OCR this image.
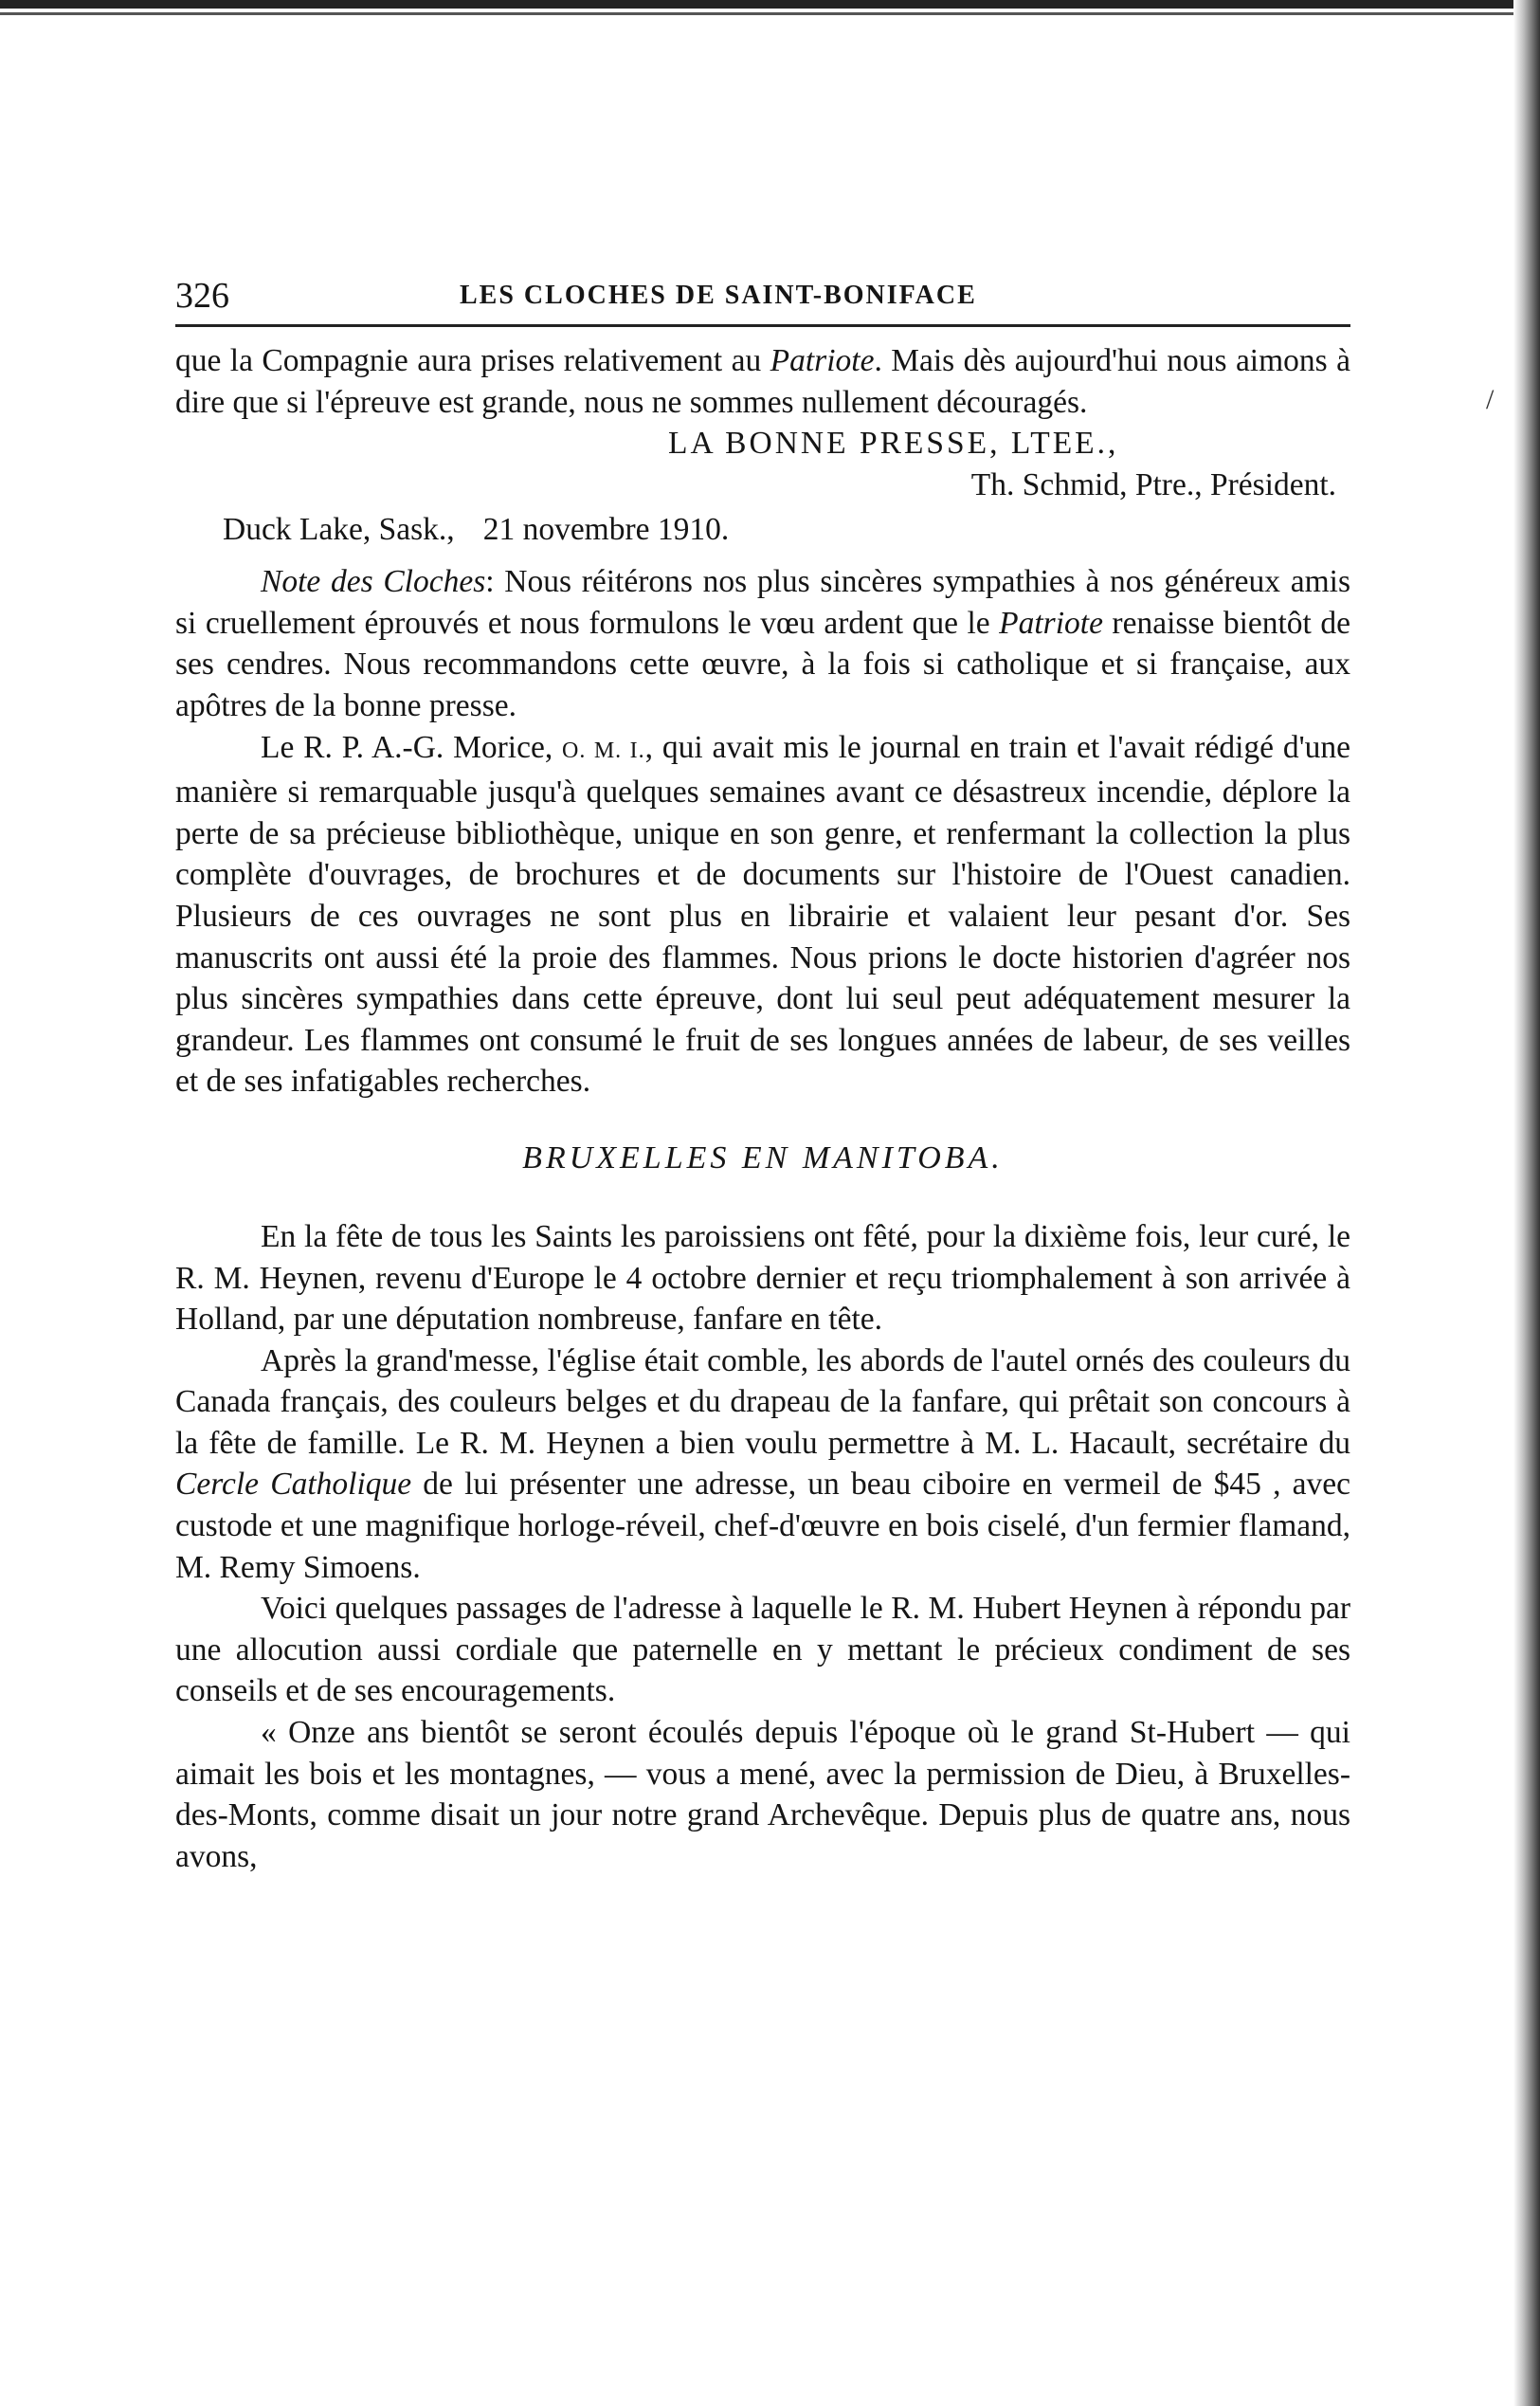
326	LES CLOCHES DE SAINT-BONIFACE

que la Compagnie aura prises relativement au Patriote. Mais dès aujourd'hui nous aimons à dire que si l'épreuve est grande, nous ne sommes nullement découragés.

LA BONNE PRESSE, LTEE.,
Th. Schmid, Ptre., Président.
Duck Lake, Sask., 21 novembre 1910.

Note des Cloches: Nous réitérons nos plus sincères sympathies à nos généreux amis si cruellement éprouvés et nous formulons le vœu ardent que le Patriote renaisse bientôt de ses cendres. Nous recommandons cette œuvre, à la fois si catholique et si française, aux apôtres de la bonne presse.

Le R. P. A.-G. Morice, O. M. I., qui avait mis le journal en train et l'avait rédigé d'une manière si remarquable jusqu'à quelques semaines avant ce désastreux incendie, déplore la perte de sa précieuse bibliothèque, unique en son genre, et renfermant la collection la plus complète d'ouvrages, de brochures et de documents sur l'histoire de l'Ouest canadien. Plusieurs de ces ouvrages ne sont plus en librairie et valaient leur pesant d'or. Ses manuscrits ont aussi été la proie des flammes. Nous prions le docte historien d'agréer nos plus sincères sympathies dans cette épreuve, dont lui seul peut adéquatement mesurer la grandeur. Les flammes ont consumé le fruit de ses longues années de labeur, de ses veilles et de ses infatigables recherches.

BRUXELLES EN MANITOBA.

En la fête de tous les Saints les paroissiens ont fêté, pour la dixième fois, leur curé, le R. M. Heynen, revenu d'Europe le 4 octobre dernier et reçu triomphalement à son arrivée à Holland, par une députation nombreuse, fanfare en tête.

Après la grand'messe, l'église était comble, les abords de l'autel ornés des couleurs du Canada français, des couleurs belges et du drapeau de la fanfare, qui prêtait son concours à la fête de famille. Le R. M. Heynen a bien voulu permettre à M. L. Hacault, secrétaire du Cercle Catholique de lui présenter une adresse, un beau ciboire en vermeil de $45 , avec custode et une magnifique horloge-réveil, chef-d'œuvre en bois ciselé, d'un fermier flamand, M. Remy Simoens.

Voici quelques passages de l'adresse à laquelle le R. M. Hubert Heynen à répondu par une allocution aussi cordiale que paternelle en y mettant le précieux condiment de ses conseils et de ses encouragements.

« Onze ans bientôt se seront écoulés depuis l'époque où le grand St-Hubert — qui aimait les bois et les montagnes, — vous a mené, avec la permission de Dieu, à Bruxelles-des-Monts, comme disait un jour notre grand Archevêque. Depuis plus de quatre ans, nous avons,

/
